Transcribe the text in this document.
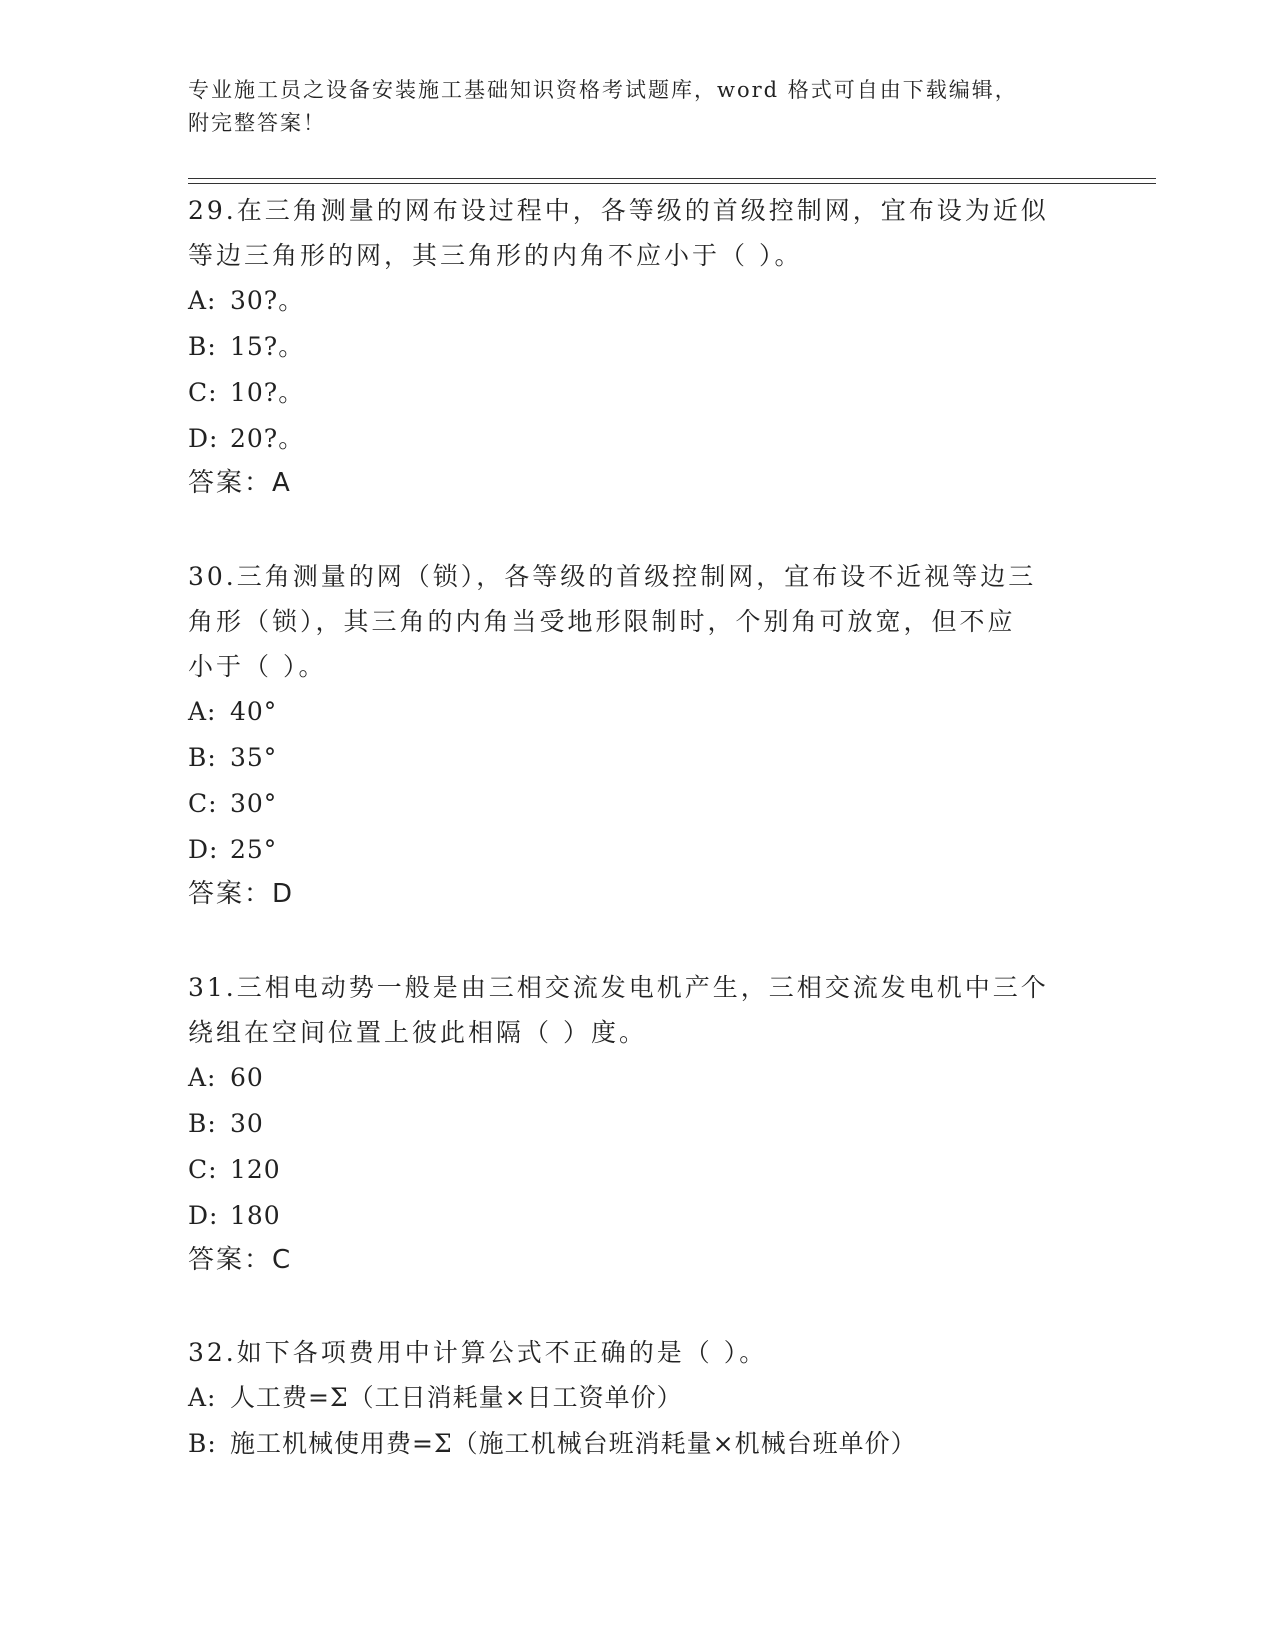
专业施工员之设备安装施工基础知识资格考试题库，word 格式可自由下载编辑，
附完整答案！

29.在三角测量的网布设过程中，各等级的首级控制网，宜布设为近似

等边三角形的网，其三角形的内角不应小于（ ）。

A: 30?。

B: 15?。

C: 10?。

D: 20?。

答案：A

30.三角测量的网（锁），各等级的首级控制网，宜布设不近视等边三

角形（锁），其三角的内角当受地形限制时，个别角可放宽，但不应

小于（ ）。

A: 40°

B: 35°

C: 30°

D: 25°

答案：D

31.三相电动势一般是由三相交流发电机产生，三相交流发电机中三个

绕组在空间位置上彼此相隔（ ）度。

A: 60

B: 30

C: 120

D: 180

答案：C

32.如下各项费用中计算公式不正确的是（ ）。

A: 人工费=Σ（工日消耗量×日工资单价）

B: 施工机械使用费=Σ（施工机械台班消耗量×机械台班单价）
